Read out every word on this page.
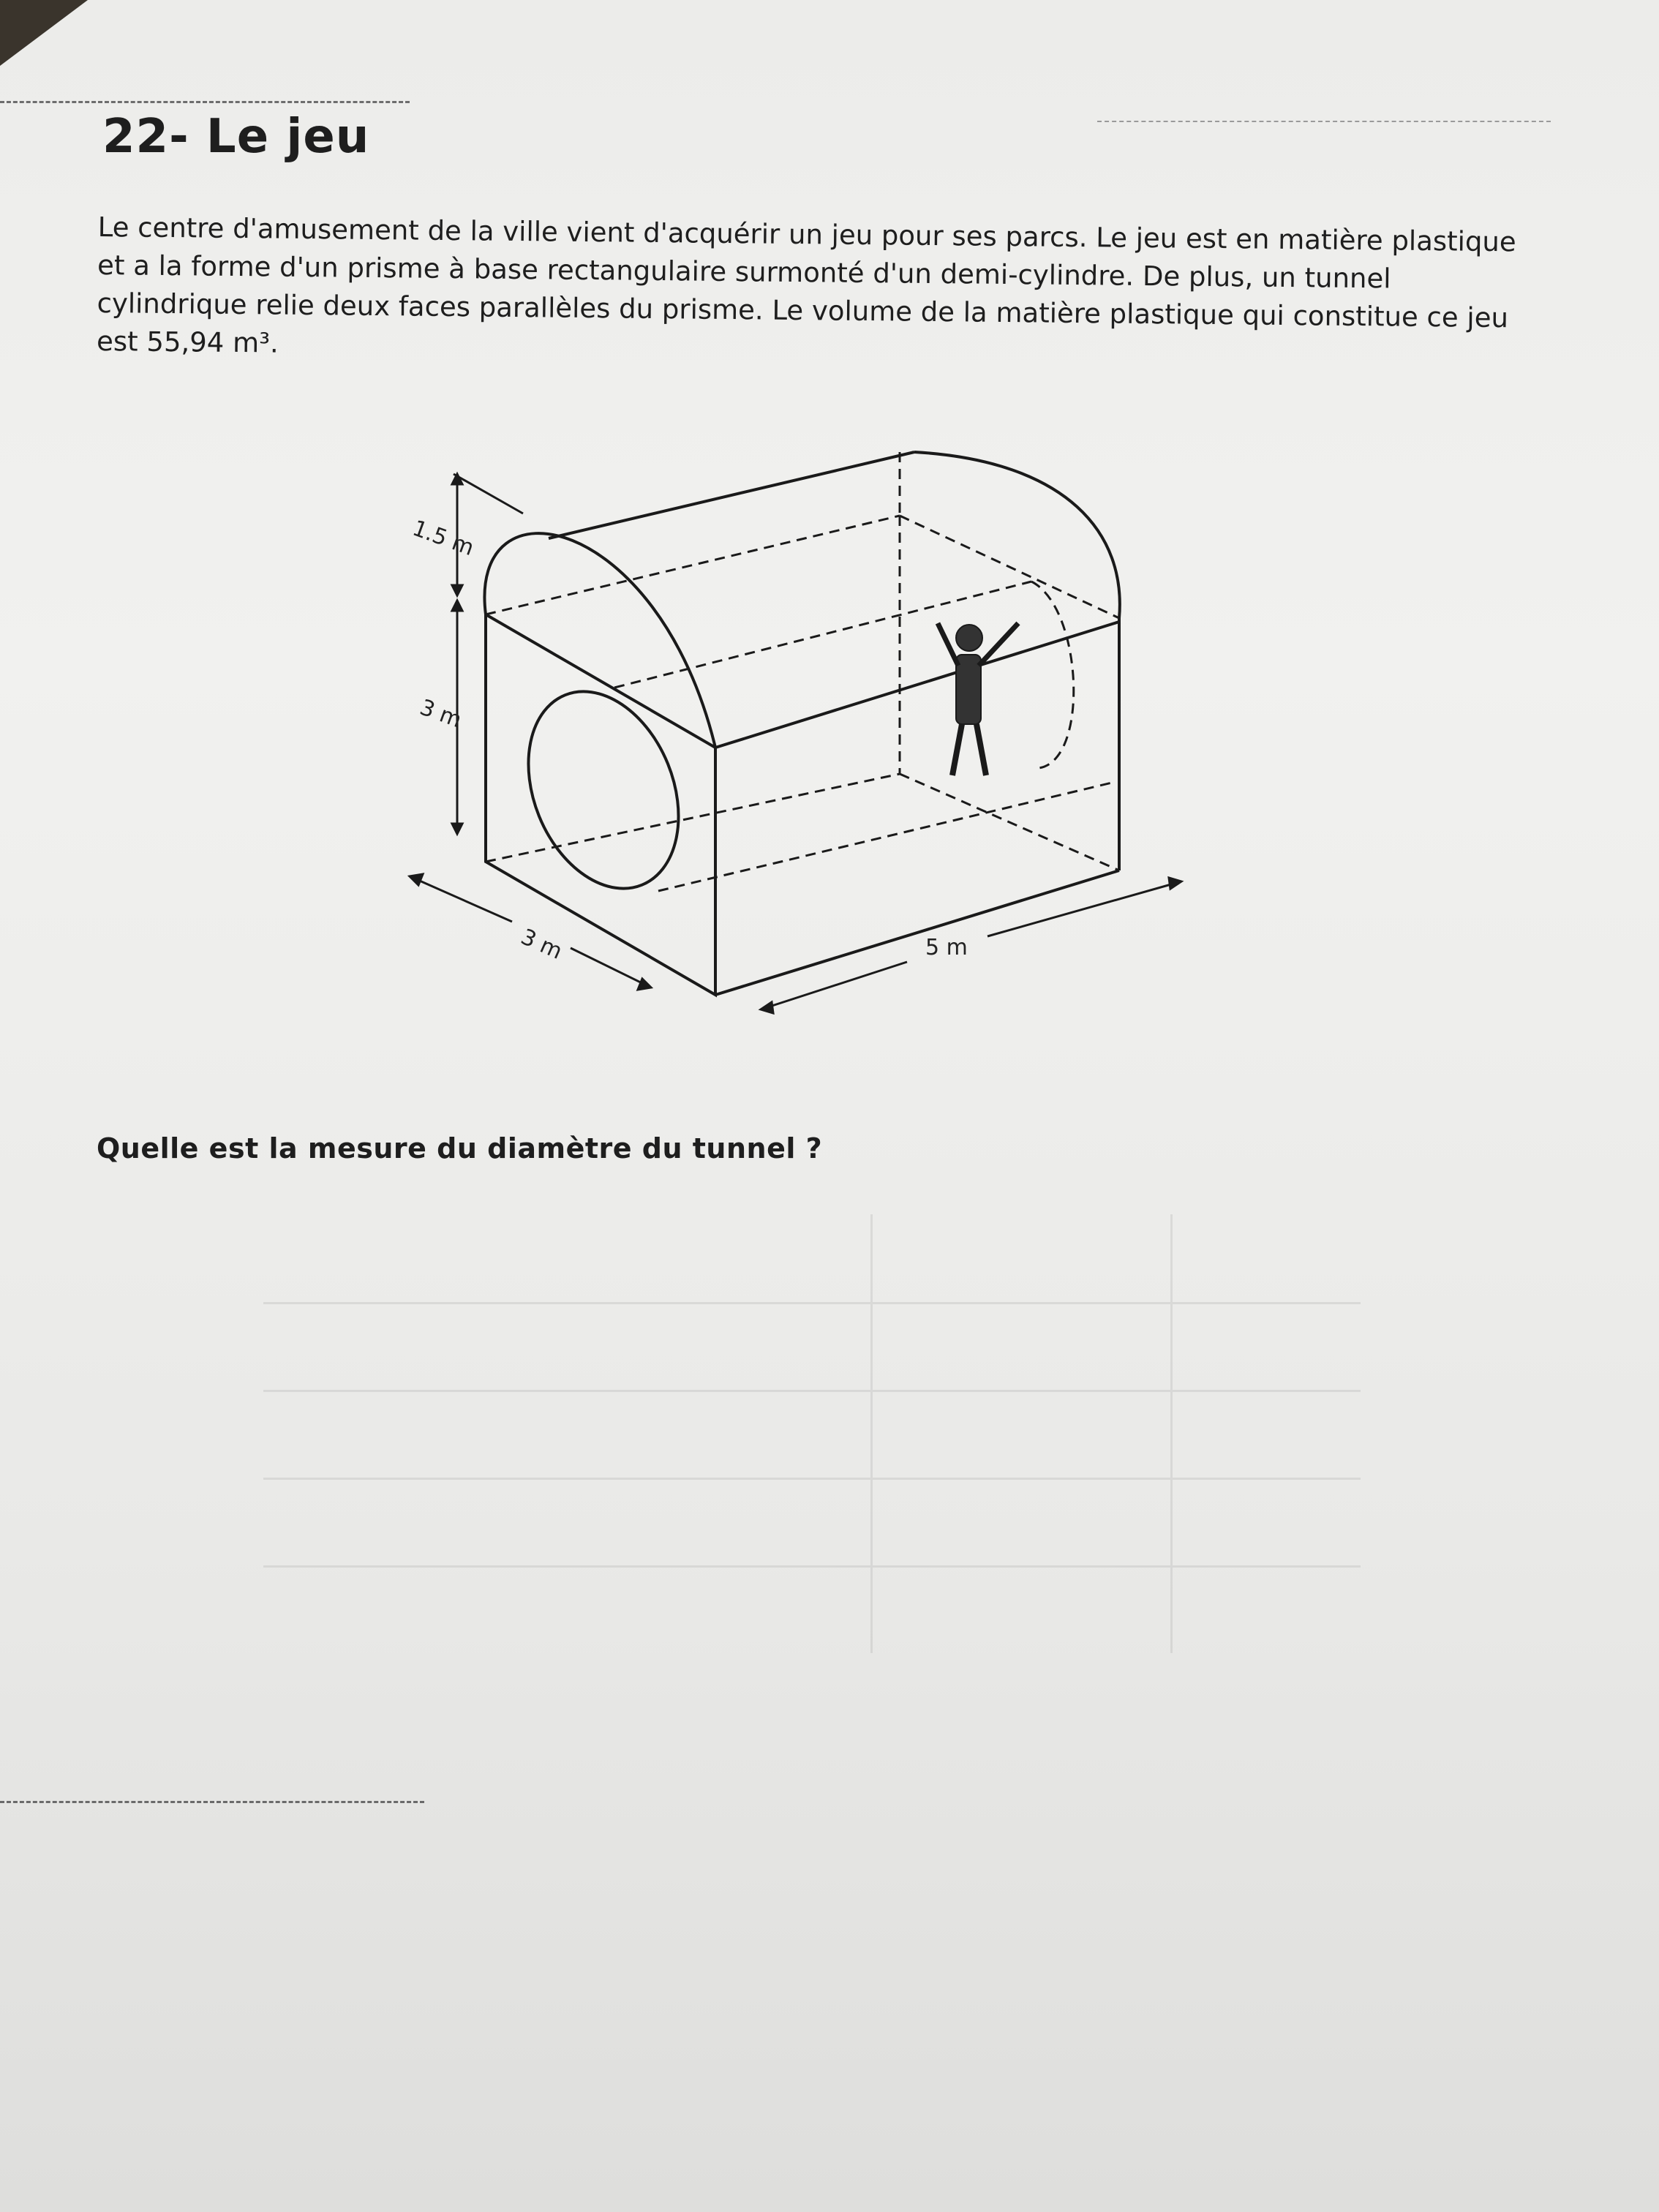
22- Le jeu
Le centre d'amusement de la ville vient d'acquérir un jeu pour ses parcs. Le jeu est en matière plastique et a la forme d'un prisme à base rectangulaire surmonté d'un demi-cylindre. De plus, un tunnel cylindrique relie deux faces parallèles du prisme. Le volume de la matière plastique qui constitue ce jeu est 55,94 m³.
1.5 m
3 m
3 m	5 m
Quelle est la mesure du diamètre du tunnel ?
